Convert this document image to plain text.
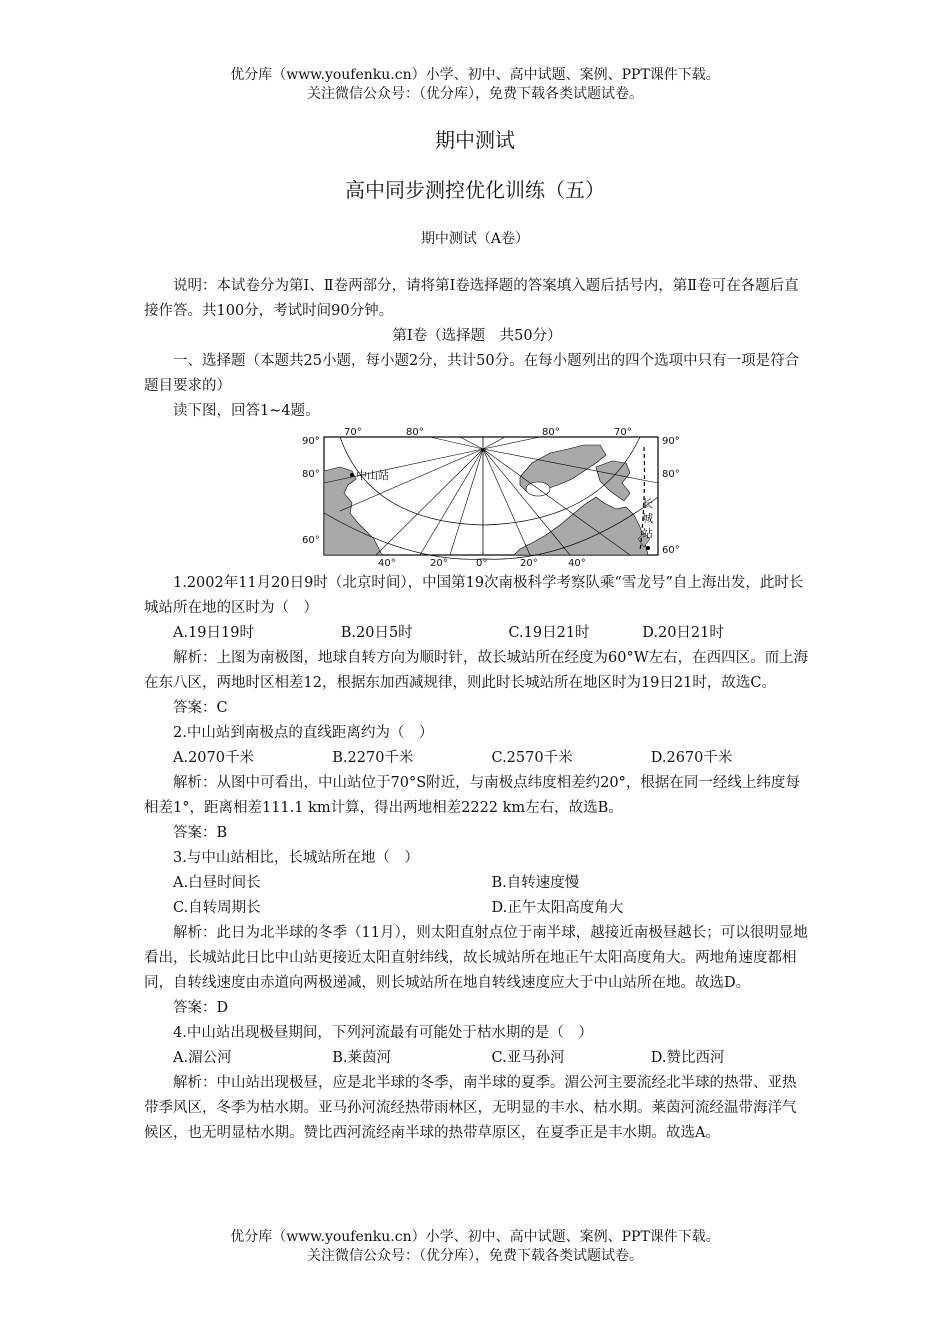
优分库（www.youfenku.cn）小学、初中、高中试题、案例、PPT课件下载。
关注微信公众号：（优分库），免费下载各类试题试卷。
期中测试
高中同步测控优化训练（五）
期中测试（A卷）

说明：本试卷分为第Ⅰ、Ⅱ卷两部分，请将第Ⅰ卷选择题的答案填入题后括号内，第Ⅱ卷可在各题后直接作答。共100分，考试时间90分钟。

第Ⅰ卷（选择题　共50分）

一、选择题（本题共25小题，每小题2分，共计50分。在每小题列出的四个选项中只有一项是符合题目要求的）

读下图，回答1~4题。

90°
80°
60°
90°
80°
60°
70°	80°	80°	70°
40°	20°	0°	20°	40°
中山站
长
城
站

1.2002年11月20日9时（北京时间），中国第19次南极科学考察队乘“雪龙号”自上海出发，此时长城站所在地的区时为（　）

A.19日19时	B.20日5时	C.19日21时	D.20日21时

解析：上图为南极图，地球自转方向为顺时针，故长城站所在经度为60°W左右，在西四区。而上海在东八区，两地时区相差12，根据东加西减规律，则此时长城站所在地区时为19日21时，故选C。

答案：C

2.中山站到南极点的直线距离约为（　）

A.2070千米	B.2270千米	C.2570千米	D.2670千米

解析：从图中可看出，中山站位于70°S附近，与南极点纬度相差约20°，根据在同一经线上纬度每相差1°，距离相差111.1 km计算，得出两地相差2222 km左右，故选B。

答案：B

3.与中山站相比，长城站所在地（　）

A.白昼时间长	B.自转速度慢
C.自转周期长	D.正午太阳高度角大

解析：此日为北半球的冬季（11月），则太阳直射点位于南半球，越接近南极昼越长；可以很明显地看出，长城站此日比中山站更接近太阳直射纬线，故长城站所在地正午太阳高度角大。两地角速度都相同，自转线速度由赤道向两极递减，则长城站所在地自转线速度应大于中山站所在地。故选D。

答案：D

4.中山站出现极昼期间，下列河流最有可能处于枯水期的是（　）

A.湄公河	B.莱茵河	C.亚马孙河	D.赞比西河

解析：中山站出现极昼，应是北半球的冬季，南半球的夏季。湄公河主要流经北半球的热带、亚热带季风区，冬季为枯水期。亚马孙河流经热带雨林区，无明显的丰水、枯水期。莱茵河流经温带海洋气候区，也无明显枯水期。赞比西河流经南半球的热带草原区，在夏季正是丰水期。故选A。

优分库（www.youfenku.cn）小学、初中、高中试题、案例、PPT课件下载。
关注微信公众号：（优分库），免费下载各类试题试卷。
